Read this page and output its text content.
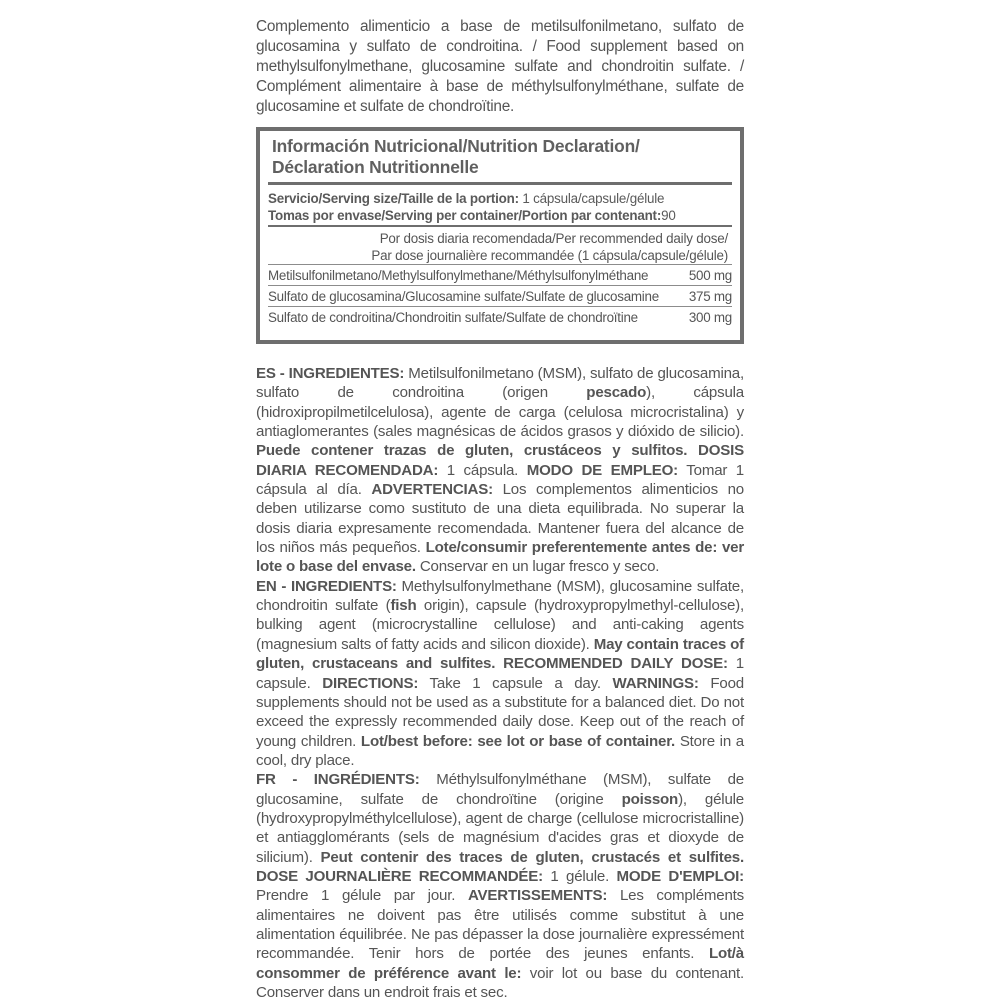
Complemento alimenticio a base de metilsulfonilmetano, sulfato de glucosamina y sulfato de condroitina. / Food supplement based on methylsulfonylmethane, glucosamine sulfate and chondroitin sulfate. / Complément alimentaire à base de méthylsulfonylméthane, sulfate de glucosamine et sulfate de chondroïtine.
Información Nutricional/Nutrition Declaration/
Déclaration Nutritionnelle
Servicio/Serving size/Taille de la portion: 1 cápsula/capsule/gélule
Tomas por envase/Serving per container/Portion par contenant:90
Por dosis diaria recomendada/Per recommended daily dose/
Par dose journalière recommandée (1 cápsula/capsule/gélule)
Metilsulfonilmetano/Methylsulfonylmethane/Méthylsulfonylméthane	500 mg
Sulfato de glucosamina/Glucosamine sulfate/Sulfate de glucosamine 375 mg
Sulfato de condroitina/Chondroitin sulfate/Sulfate de chondroïtine	300 mg

ES - INGREDIENTES: Metilsulfonilmetano (MSM), sulfato de glucosamina, sulfato de condroitina (origen pescado), cápsula (hidroxipropilmetilcelulosa), agente de carga (celulosa microcristalina) y antiaglomerantes (sales magnésicas de ácidos grasos y dióxido de silicio). Puede contener trazas de gluten, crustáceos y sulfitos. DOSIS DIARIA RECOMENDADA: 1 cápsula. MODO DE EMPLEO: Tomar 1 cápsula al día. ADVERTENCIAS: Los complementos alimenticios no deben utilizarse como sustituto de una dieta equilibrada. No superar la dosis diaria expresamente recomendada. Mantener fuera del alcance de los niños más pequeños. Lote/consumir preferentemente antes de: ver lote o base del envase. Conservar en un lugar fresco y seco.

EN - INGREDIENTS: Methylsulfonylmethane (MSM), glucosamine sulfate, chondroitin sulfate (fish origin), capsule (hydroxypropylmethyl-cellulose), bulking agent (microcrystalline cellulose) and anti-caking agents (magnesium salts of fatty acids and silicon dioxide). May contain traces of gluten, crustaceans and sulfites. RECOMMENDED DAILY DOSE: 1 capsule. DIRECTIONS: Take 1 capsule a day. WARNINGS: Food supplements should not be used as a substitute for a balanced diet. Do not exceed the expressly recommended daily dose. Keep out of the reach of young children. Lot/best before: see lot or base of container. Store in a cool, dry place.

FR - INGRÉDIENTS: Méthylsulfonylméthane (MSM), sulfate de glucosamine, sulfate de chondroïtine (origine poisson), gélule (hydroxypropylméthylcellulose), agent de charge (cellulose microcristalline) et antiagglomérants (sels de magnésium d'acides gras et dioxyde de silicium). Peut contenir des traces de gluten, crustacés et sulfites. DOSE JOURNALIÈRE RECOMMANDÉE: 1 gélule. MODE D'EMPLOI: Prendre 1 gélule par jour. AVERTISSEMENTS: Les compléments alimentaires ne doivent pas être utilisés comme substitut à une alimentation équilibrée. Ne pas dépasser la dose journalière expressément recommandée. Tenir hors de portée des jeunes enfants. Lot/à consommer de préférence avant le: voir lot ou base du contenant. Conserver dans un endroit frais et sec.
